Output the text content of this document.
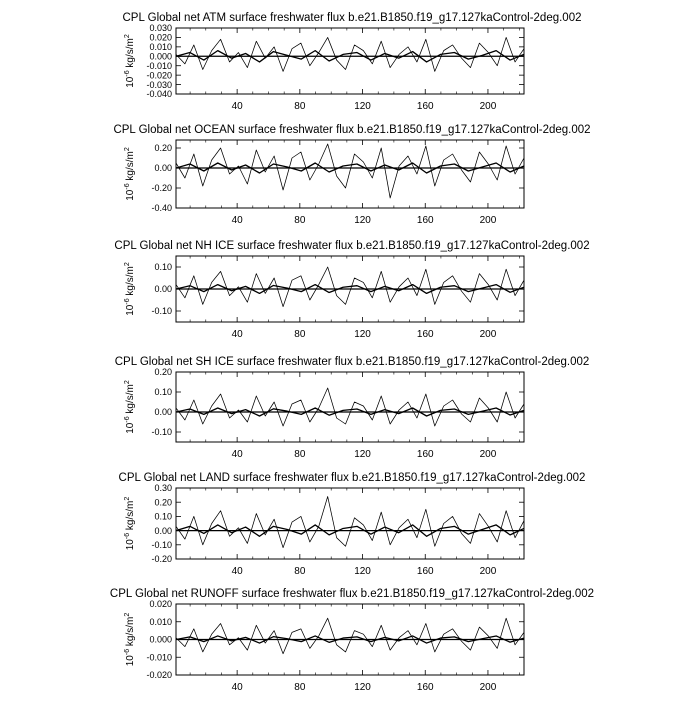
CPL Global net ATM surface freshwater flux b.e21.B1850.f19_g17.127kaControl-2deg.002
40	80	120	160	200
-0.040
-0.030
-0.020
-0.010
0.000
0.010
0.020
0.030
$10^{-6}$ $kg/s/m^2$
CPL Global net OCEAN surface freshwater flux b.e21.B1850.f19_g17.127kaControl-2deg.002
40	80	120	160	200
-0.40
-0.20
0.00
0.20
$10^{-6}$ $kg/s/m^2$
CPL Global net NH ICE surface freshwater flux b.e21.B1850.f19_g17.127kaControl-2deg.002
40	80	120	160	200
-0.10
0.00
0.10
$10^{-6}$ $kg/s/m^2$
CPL Global net SH ICE surface freshwater flux b.e21.B1850.f19_g17.127kaControl-2deg.002
40	80	120	160	200
-0.10
0.00
0.10
0.20
$10^{-6}$ $kg/s/m^2$
CPL Global net LAND surface freshwater flux b.e21.B1850.f19_g17.127kaControl-2deg.002
40	80	120	160	200
-0.20
-0.10
0.00
0.10
0.20
0.30
$10^{-6}$ $kg/s/m^2$
CPL Global net RUNOFF surface freshwater flux b.e21.B1850.f19_g17.127kaControl-2deg.002
40	80	120	160	200
-0.020
-0.010
0.000
0.010
0.020
$10^{-6}$ $kg/s/m^2$
